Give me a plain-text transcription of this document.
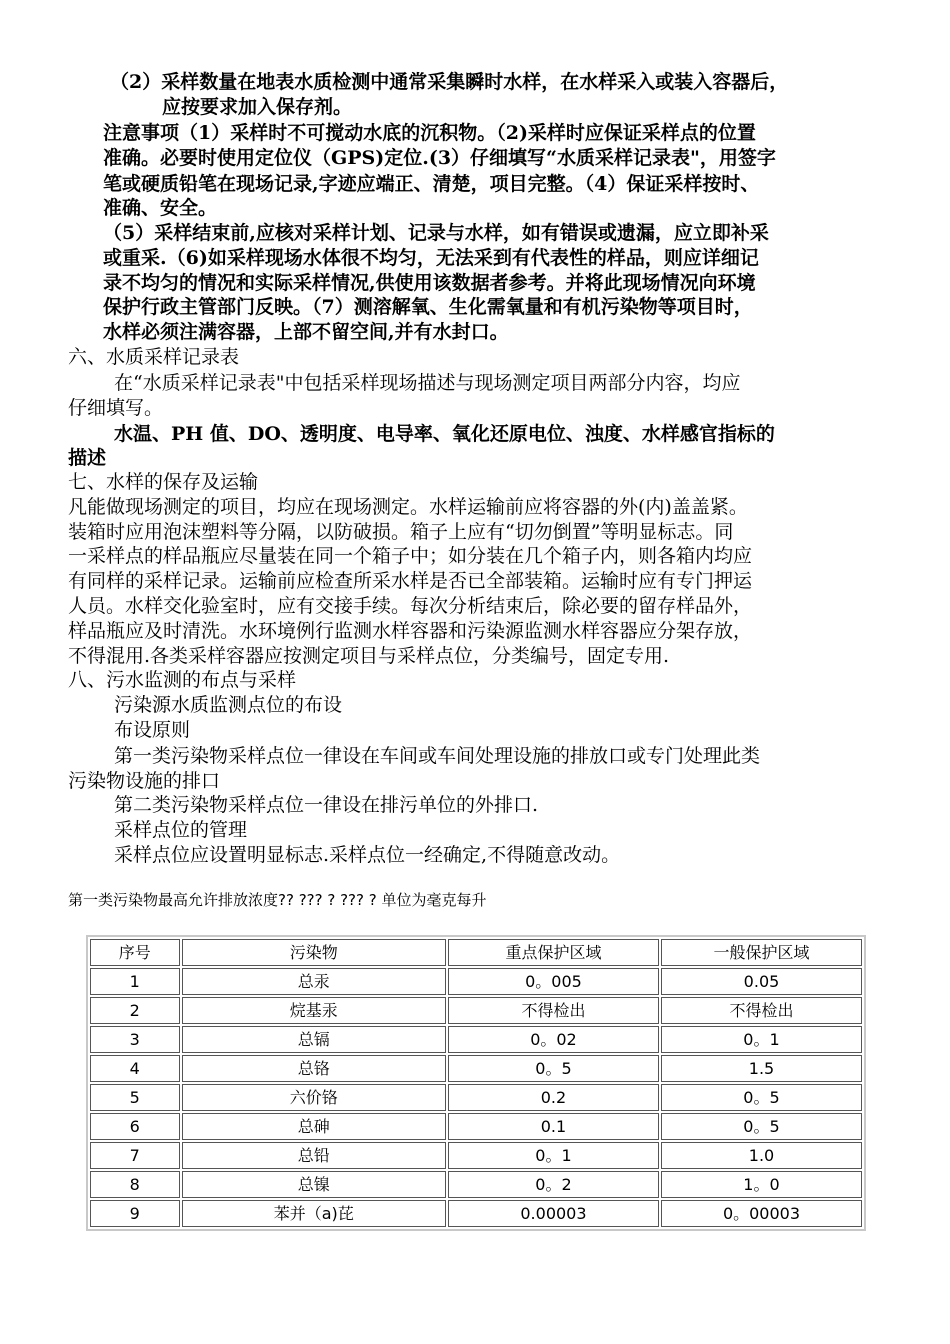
（2）采样数量在地表水质检测中通常采集瞬时水样，在水样采入或装入容器后，
应按要求加入保存剂。
注意事项（1）采样时不可搅动水底的沉积物。（2)采样时应保证采样点的位置
准确。必要时使用定位仪（GPS)定位.(3）仔细填写“水质采样记录表"，用签字
笔或硬质铅笔在现场记录,字迹应端正、清楚，项目完整。（4）保证采样按时、
准确、安全。
（5）采样结束前,应核对采样计划、记录与水样，如有错误或遗漏，应立即补采
或重采.（6)如采样现场水体很不均匀，无法采到有代表性的样品，则应详细记
录不均匀的情况和实际采样情况,供使用该数据者参考。并将此现场情况向环境
保护行政主管部门反映。（7）测溶解氧、生化需氧量和有机污染物等项目时，
水样必须注满容器，上部不留空间,并有水封口。
六、水质采样记录表
在“水质采样记录表"中包括采样现场描述与现场测定项目两部分内容，均应
仔细填写。
水温、PH 值、DO、透明度、电导率、氧化还原电位、浊度、水样感官指标的
描述
七、水样的保存及运输
凡能做现场测定的项目，均应在现场测定。水样运输前应将容器的外(内)盖盖紧。
装箱时应用泡沫塑料等分隔，以防破损。箱子上应有“切勿倒置”等明显标志。同
一采样点的样品瓶应尽量装在同一个箱子中；如分装在几个箱子内，则各箱内均应
有同样的采样记录。运输前应检查所采水样是否已全部装箱。运输时应有专门押运
人员。水样交化验室时，应有交接手续。每次分析结束后，除必要的留存样品外，
样品瓶应及时清洗。水环境例行监测水样容器和污染源监测水样容器应分架存放，
不得混用.各类采样容器应按测定项目与采样点位，分类编号，固定专用.
八、污水监测的布点与采样
污染源水质监测点位的布设
布设原则
第一类污染物采样点位一律设在车间或车间处理设施的排放口或专门处理此类
污染物设施的排口
第二类污染物采样点位一律设在排污单位的外排口.
采样点位的管理
采样点位应设置明显标志.采样点位一经确定,不得随意改动。
第一类污染物最高允许排放浓度?? ??? ? ??? ? 单位为毫克每升
序号	污染物	重点保护区域	一般保护区域
1	总汞	0。005	0.05
2	烷基汞	不得检出	不得检出
3	总镉	0。02	0。1
4	总铬	0。5	1.5
5	六价铬	0.2	0。5
6	总砷	0.1	0。5
7	总铅	0。1	1.0
8	总镍	0。2	1。0
9	苯并（a)芘	0.00003	0。00003
